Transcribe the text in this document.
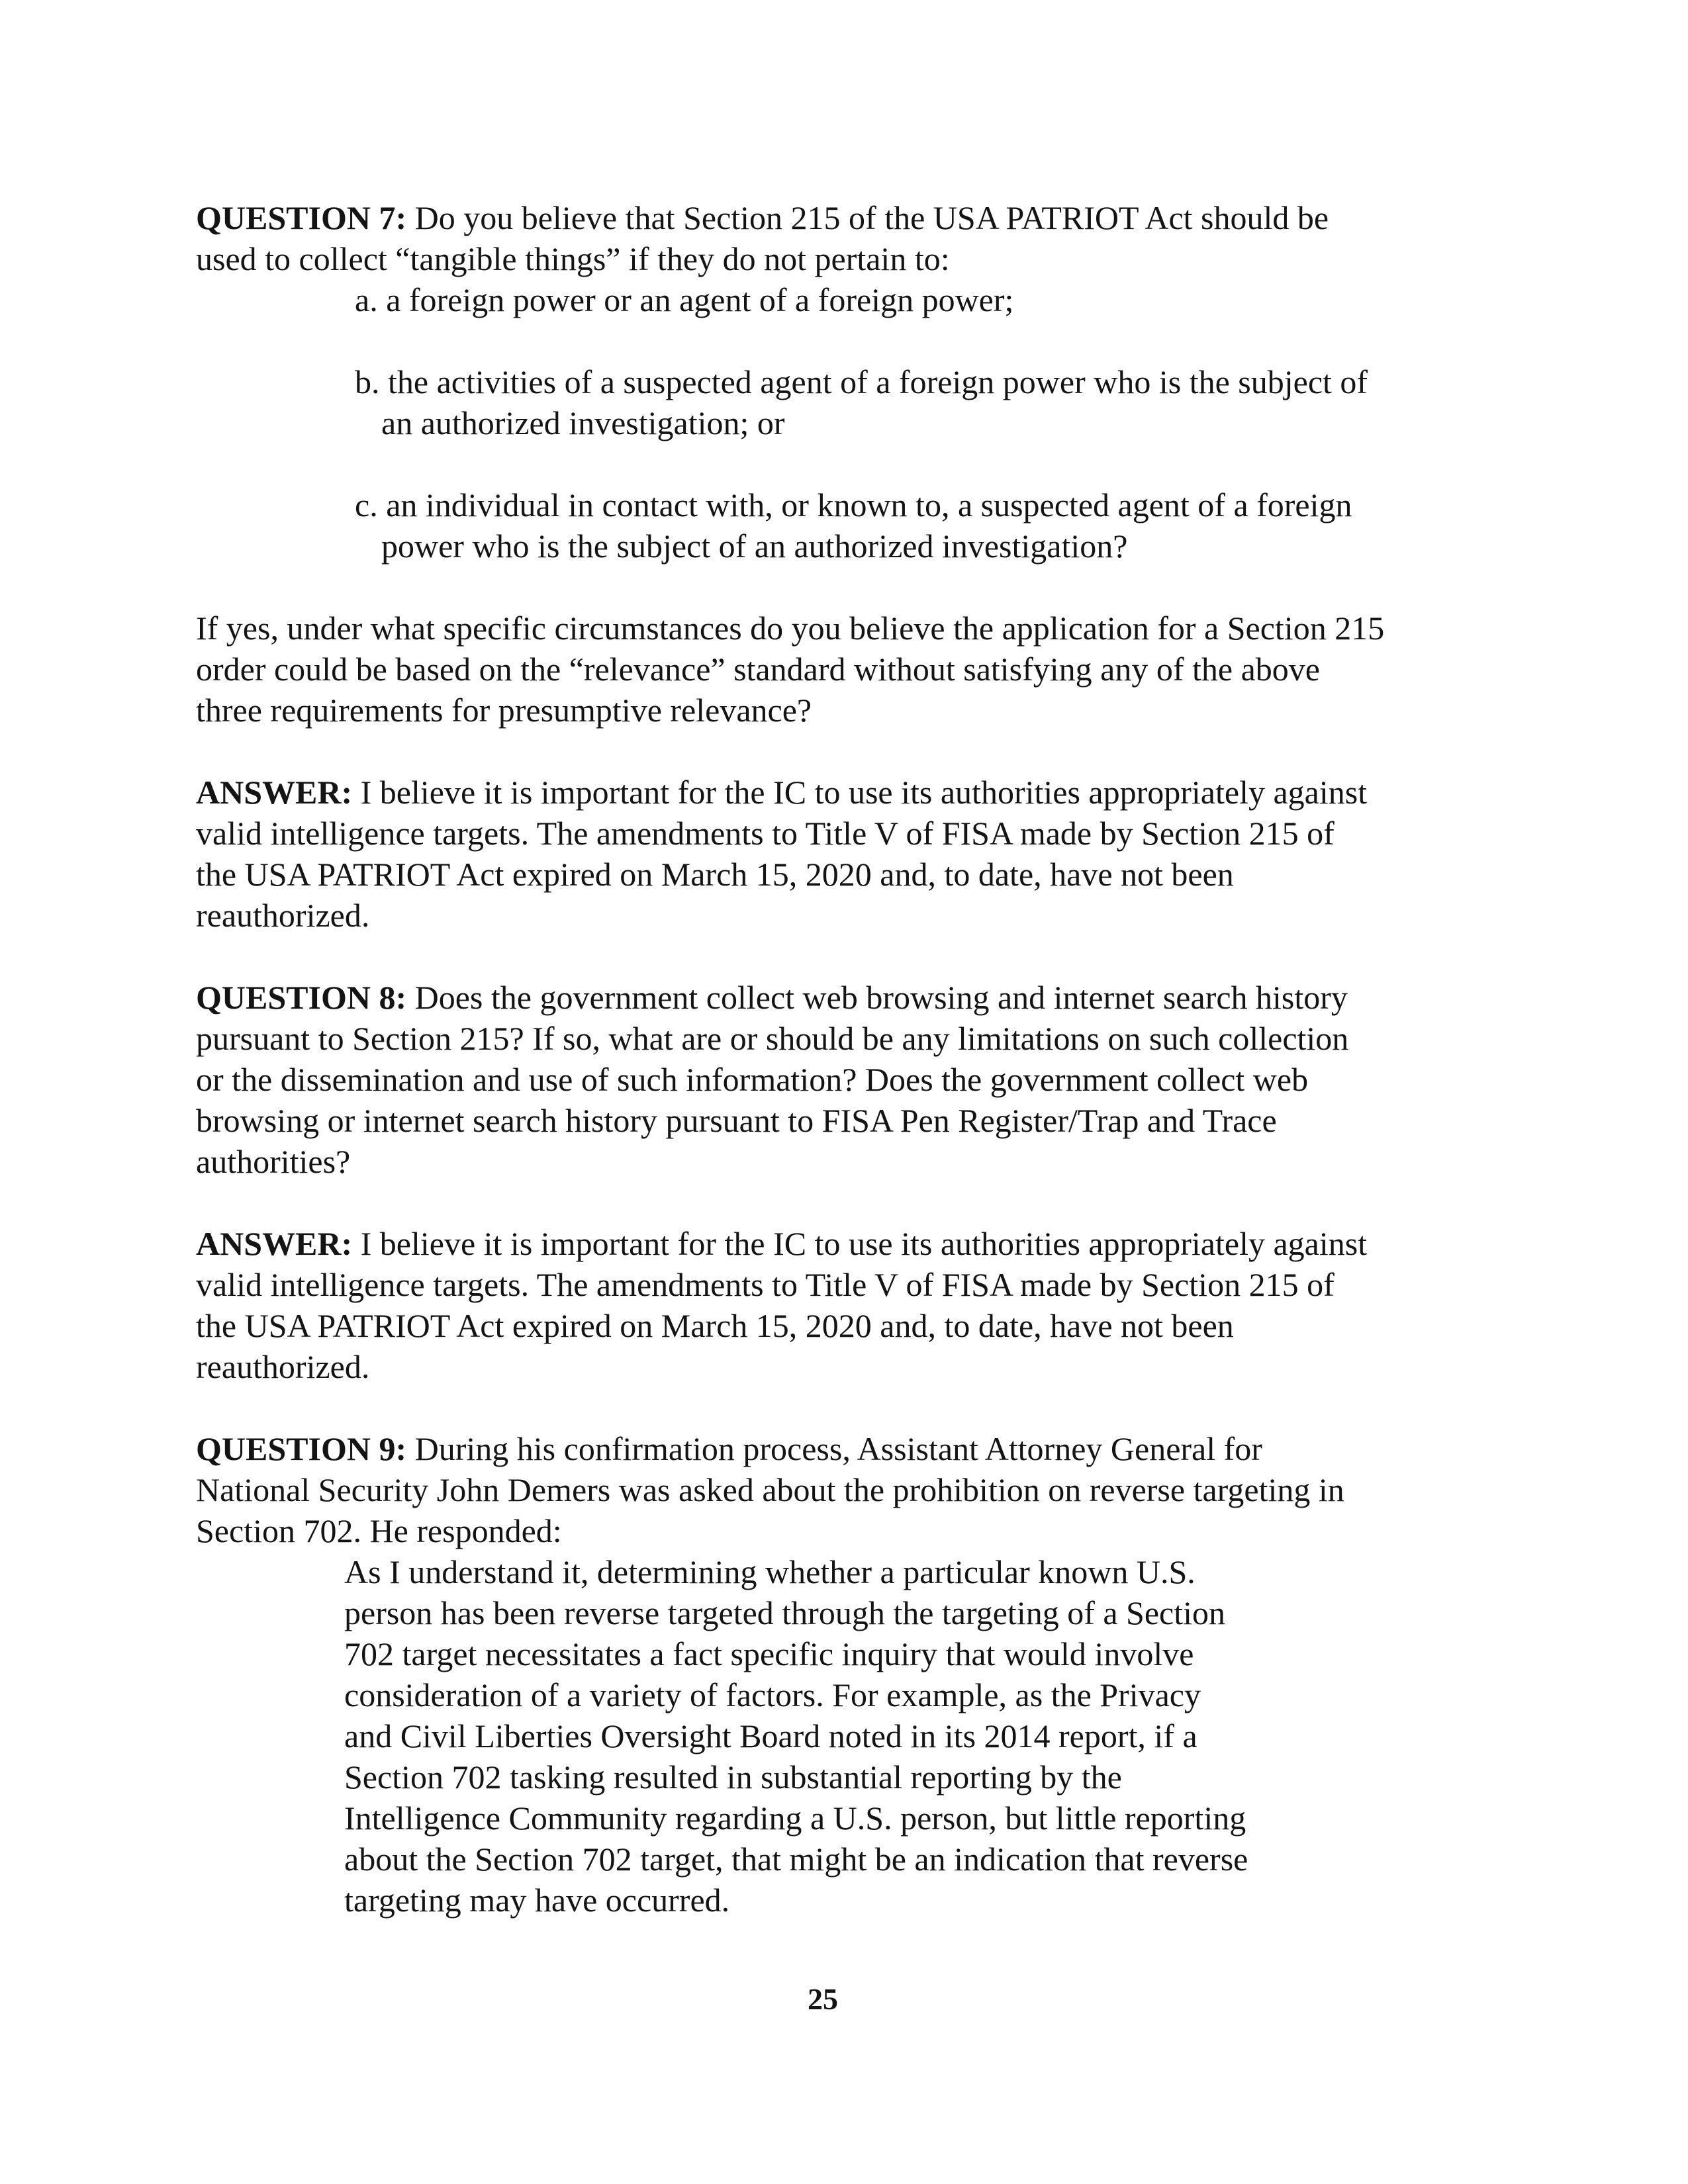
QUESTION 7: Do you believe that Section 215 of the USA PATRIOT Act should be
used to collect “tangible things” if they do not pertain to:
a. a foreign power or an agent of a foreign power;
b. the activities of a suspected agent of a foreign power who is the subject of
an authorized investigation; or
c. an individual in contact with, or known to, a suspected agent of a foreign
power who is the subject of an authorized investigation?
If yes, under what specific circumstances do you believe the application for a Section 215
order could be based on the “relevance” standard without satisfying any of the above
three requirements for presumptive relevance?
ANSWER: I believe it is important for the IC to use its authorities appropriately against
valid intelligence targets. The amendments to Title V of FISA made by Section 215 of
the USA PATRIOT Act expired on March 15, 2020 and, to date, have not been
reauthorized.
QUESTION 8: Does the government collect web browsing and internet search history
pursuant to Section 215? If so, what are or should be any limitations on such collection
or the dissemination and use of such information? Does the government collect web
browsing or internet search history pursuant to FISA Pen Register/Trap and Trace
authorities?
ANSWER: I believe it is important for the IC to use its authorities appropriately against
valid intelligence targets. The amendments to Title V of FISA made by Section 215 of
the USA PATRIOT Act expired on March 15, 2020 and, to date, have not been
reauthorized.
QUESTION 9: During his confirmation process, Assistant Attorney General for
National Security John Demers was asked about the prohibition on reverse targeting in
Section 702. He responded:
As I understand it, determining whether a particular known U.S.
person has been reverse targeted through the targeting of a Section
702 target necessitates a fact specific inquiry that would involve
consideration of a variety of factors. For example, as the Privacy
and Civil Liberties Oversight Board noted in its 2014 report, if a
Section 702 tasking resulted in substantial reporting by the
Intelligence Community regarding a U.S. person, but little reporting
about the Section 702 target, that might be an indication that reverse
targeting may have occurred.
25
